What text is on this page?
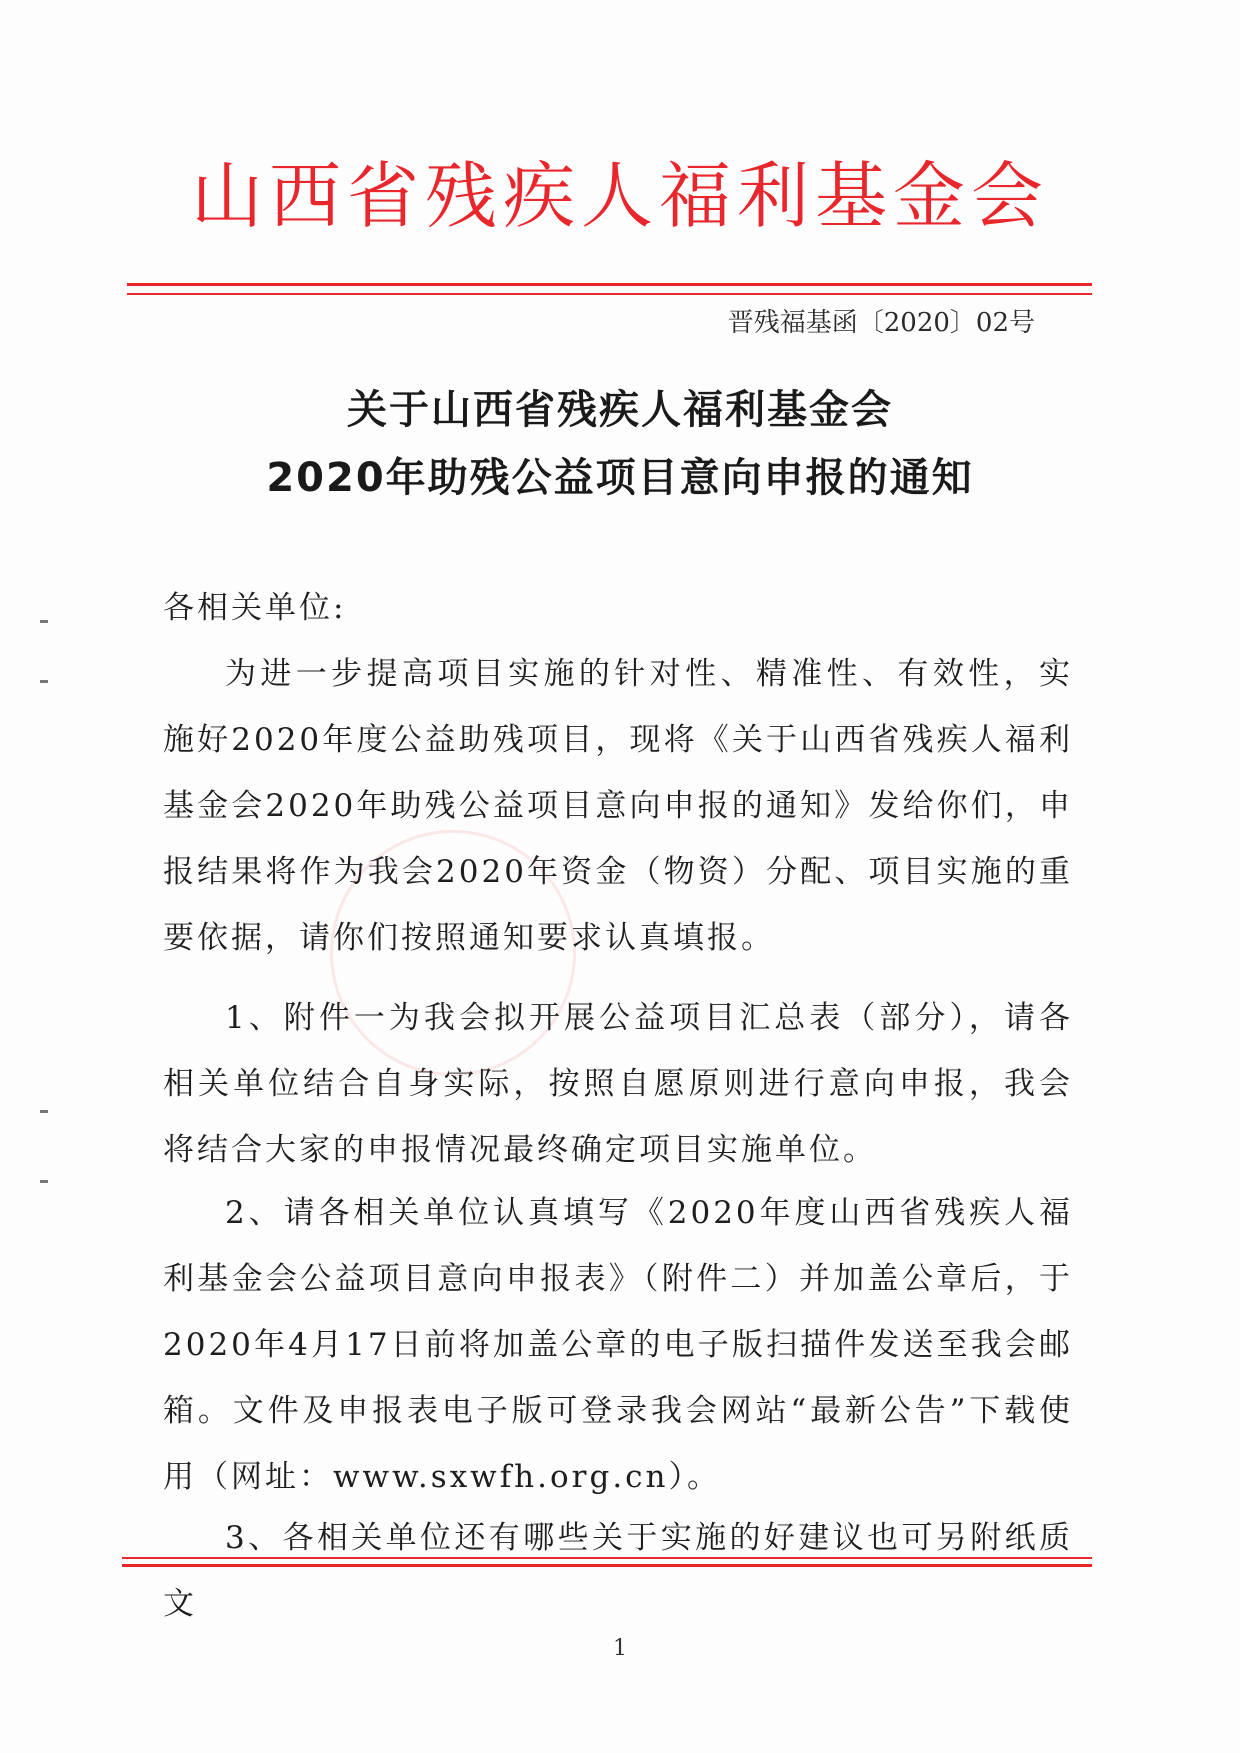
山西省残疾人福利基金会
晋残福基函〔2020〕02号
关于山西省残疾人福利基金会
2020年助残公益项目意向申报的通知
各相关单位:
为进一步提高项目实施的针对性、精准性、有效性，实施好2020年度公益助残项目，现将《关于山西省残疾人福利基金会2020年助残公益项目意向申报的通知》发给你们，申报结果将作为我会2020年资金（物资）分配、项目实施的重要依据，请你们按照通知要求认真填报。
1、附件一为我会拟开展公益项目汇总表（部分），请各相关单位结合自身实际，按照自愿原则进行意向申报，我会将结合大家的申报情况最终确定项目实施单位。
2、请各相关单位认真填写《2020年度山西省残疾人福利基金会公益项目意向申报表》（附件二）并加盖公章后，于2020年4月17日前将加盖公章的电子版扫描件发送至我会邮箱。文件及申报表电子版可登录我会网站“最新公告”下载使用（网址：www.sxwfh.org.cn）。
3、各相关单位还有哪些关于实施的好建议也可另附纸质文
1
